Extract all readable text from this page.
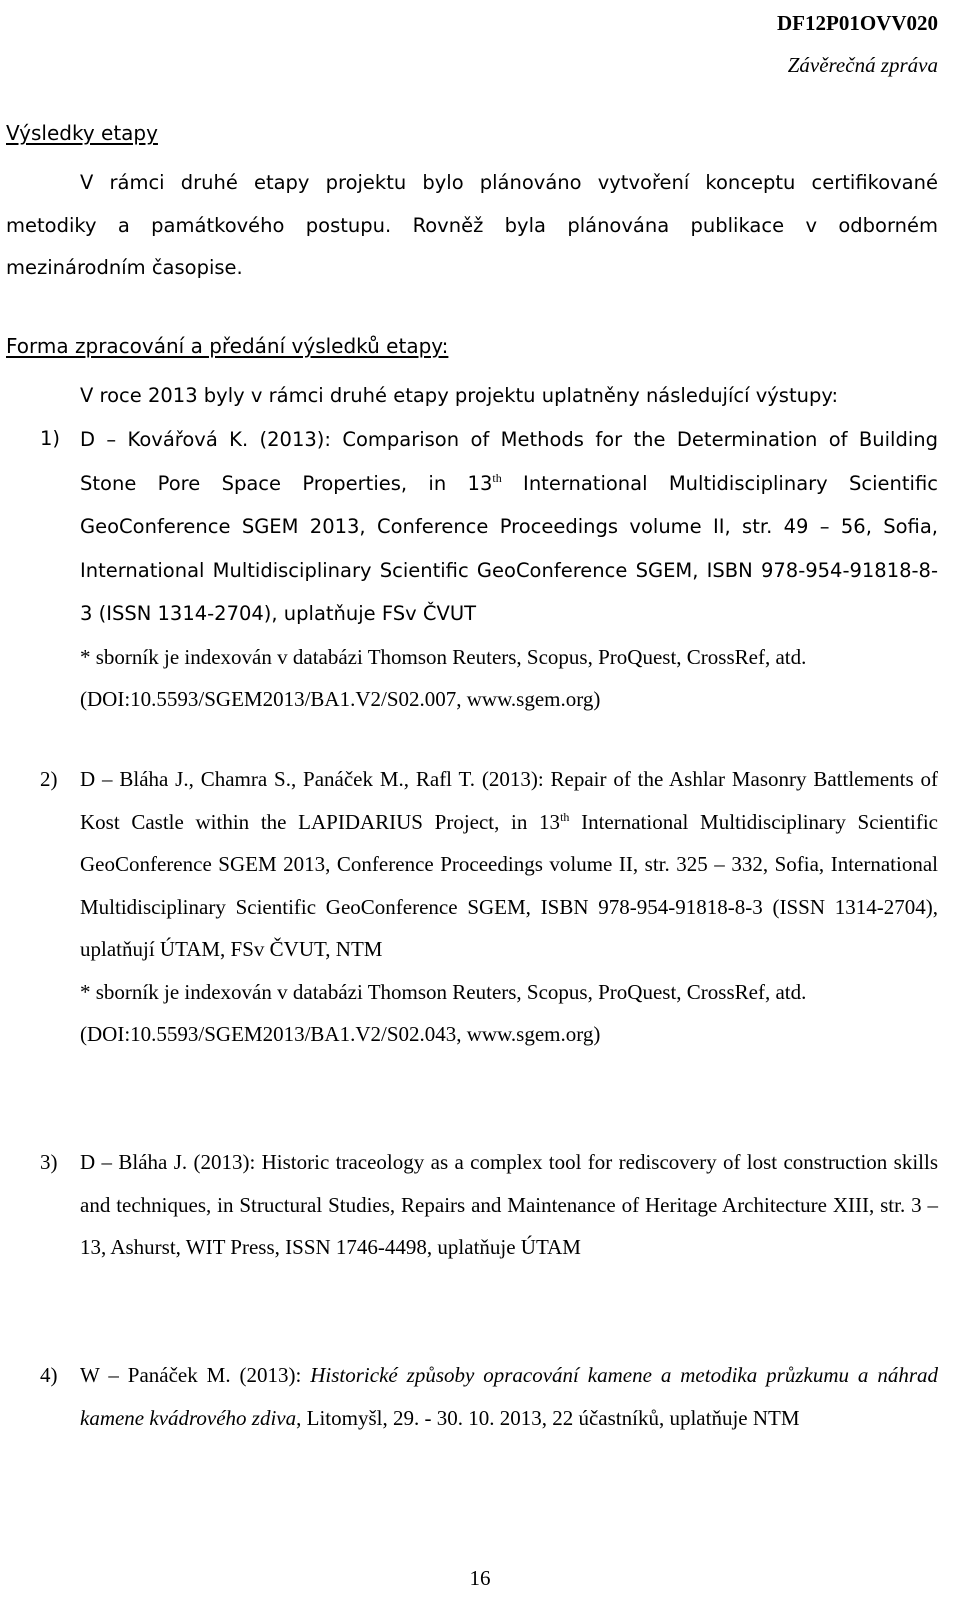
DF12P01OVV020
Závěrečná zpráva
Výsledky etapy
V rámci druhé etapy projektu bylo plánováno vytvoření konceptu certifikované metodiky a památkového postupu. Rovněž byla plánována publikace v odborném mezinárodním časopise.
Forma zpracování a předání výsledků etapy:
V roce 2013 byly v rámci druhé etapy projektu uplatněny následující výstupy:
1) D – Kovářová K. (2013): Comparison of Methods for the Determination of Building Stone Pore Space Properties, in 13th International Multidisciplinary Scientific GeoConference SGEM 2013, Conference Proceedings volume II, str. 49 – 56, Sofia, International Multidisciplinary Scientific GeoConference SGEM, ISBN 978-954-91818-8-3 (ISSN 1314-2704), uplatňuje FSv ČVUT

* sborník je indexován v databázi Thomson Reuters, Scopus, ProQuest, CrossRef, atd.

(DOI:10.5593/SGEM2013/BA1.V2/S02.007, www.sgem.org)

2) D – Bláha J., Chamra S., Panáček M., Rafl T. (2013): Repair of the Ashlar Masonry Battlements of Kost Castle within the LAPIDARIUS Project, in 13th International Multidisciplinary Scientific GeoConference SGEM 2013, Conference Proceedings volume II, str. 325 – 332, Sofia, International Multidisciplinary Scientific GeoConference SGEM, ISBN 978-954-91818-8-3 (ISSN 1314-2704), uplatňují ÚTAM, FSv ČVUT, NTM

* sborník je indexován v databázi Thomson Reuters, Scopus, ProQuest, CrossRef, atd.

(DOI:10.5593/SGEM2013/BA1.V2/S02.043, www.sgem.org)

3) D – Bláha J. (2013): Historic traceology as a complex tool for rediscovery of lost construction skills and techniques, in Structural Studies, Repairs and Maintenance of Heritage Architecture XIII, str. 3 – 13, Ashurst, WIT Press, ISSN 1746-4498, uplatňuje ÚTAM

4) W – Panáček M. (2013): Historické způsoby opracování kamene a metodika průzkumu a náhrad kamene kvádrového zdiva, Litomyšl, 29. - 30. 10. 2013, 22 účastníků, uplatňuje NTM

16
